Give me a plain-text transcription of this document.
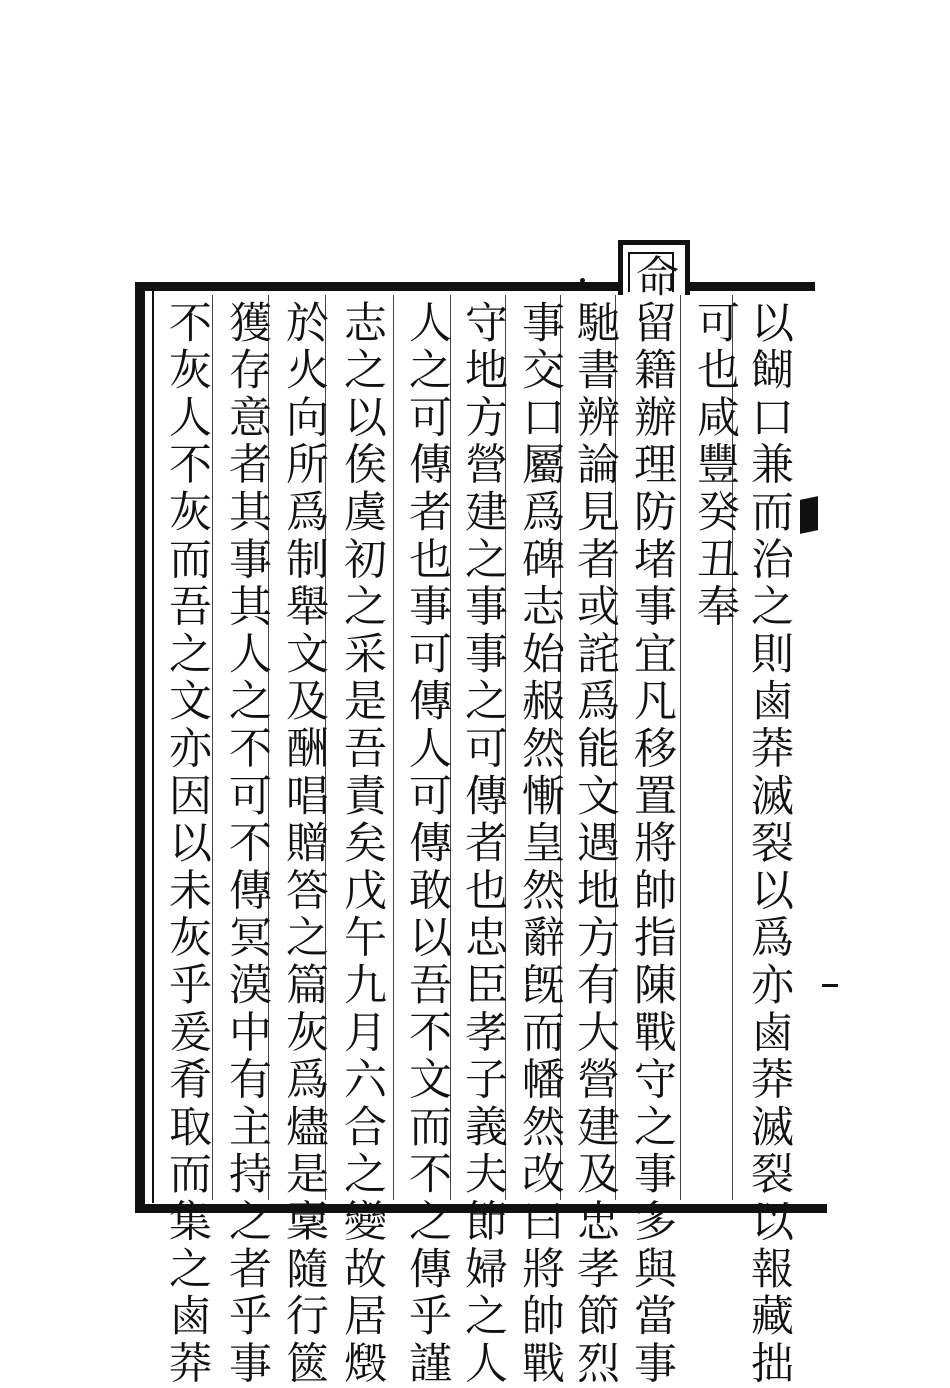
以餬口兼而治之則鹵莽滅裂以爲亦鹵莽滅裂以報藏拙
可也咸豐癸丑奉
命
留籍辦理防堵事宜凡移置將帥指陳戰守之事多與當事
馳書辨論見者或詫爲能文遇地方有大營建及忠孝節烈
事交口屬爲碑志始赧然慚皇然辭旣而幡然改曰將帥戰
守地方營建之事事之可傳者也忠臣孝子義夫節婦之人
人之可傳者也事可傳人可傳敢以吾不文而不之傳乎謹
志之以俟虞初之采是吾責矣戊午九月六合之變故居燬
於火向所爲制舉文及酬唱贈答之篇灰爲燼是稾隨行篋
獲存意者其事其人之不可不傳冥漠中有主持之者乎事
不灰人不灰而吾之文亦因以未灰乎爰肴取而集之鹵莽
